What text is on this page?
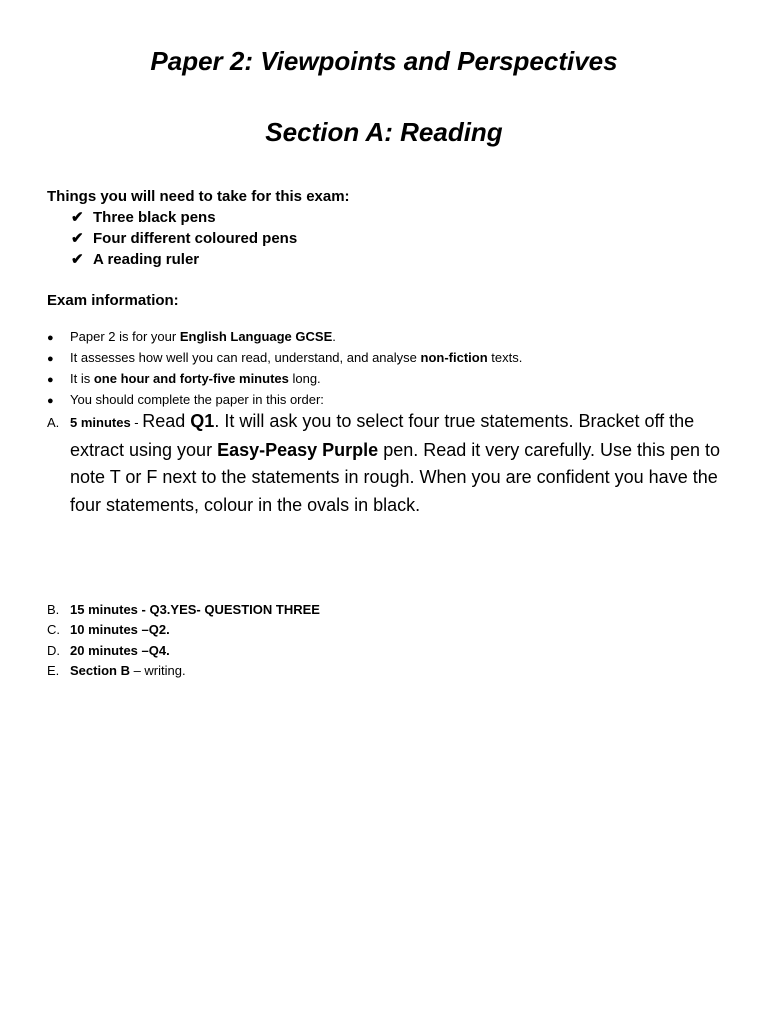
Paper 2: Viewpoints and Perspectives
Section A: Reading

Things you will need to take for this exam:

✔ Three black pens
✔ Four different coloured pens
✔ A reading ruler

Exam information:

● Paper 2 is for your English Language GCSE.
● It assesses how well you can read, understand, and analyse non-fiction texts.
● It is one hour and forty-five minutes long.
● You should complete the paper in this order:
A. 5 minutes - Read Q1. It will ask you to select four true statements. Bracket off the extract using your Easy-Peasy Purple pen. Read it very carefully. Use this pen to note T or F next to the statements in rough. When you are confident you have the four statements, colour in the ovals in black.

B. 15 minutes - Q3.YES- QUESTION THREE
C. 10 minutes –Q2.
D. 20 minutes –Q4.
E. Section B – writing.
